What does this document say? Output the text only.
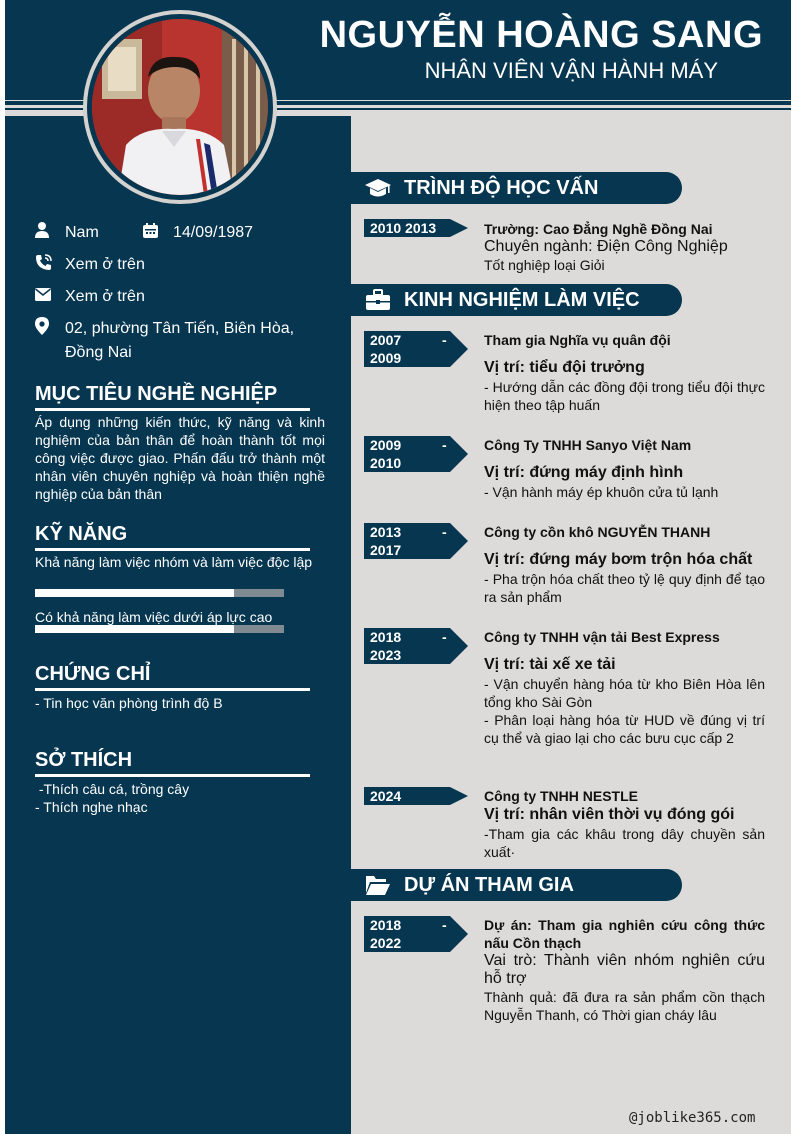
NGUYỄN HOÀNG SANG
NHÂN VIÊN VẬN HÀNH MÁY
Nam	14/09/1987
Xem ở trên
Xem ở trên
02, phường Tân Tiến, Biên Hòa, Đồng Nai
MỤC TIÊU NGHỀ NGHIỆP
Áp dụng những kiến thức, kỹ năng và kinh nghiệm của bản thân để hoàn thành tốt mọi công việc được giao. Phấn đấu trở thành một nhân viên chuyên nghiệp và hoàn thiện nghề nghiệp của bản thân
KỸ NĂNG
Khả năng làm việc nhóm và làm việc độc lập
Có khả năng làm việc dưới áp lực cao
CHỨNG CHỈ
- Tin học văn phòng trình độ B
SỞ THÍCH
-Thích câu cá, trồng cây
- Thích nghe nhạc
TRÌNH ĐỘ HỌC VẤN
2010 2013	Trường: Cao Đẳng Nghề Đồng Nai
Chuyên ngành: Điện Công Nghiệp
Tốt nghiệp loại Giỏi
KINH NGHIỆM LÀM VIỆC
2007	-
2009
Tham gia Nghĩa vụ quân đội
Vị trí: tiểu đội trưởng
- Hướng dẫn các đồng đội trong tiểu đội thực hiện theo tập huấn
2009	-
2010
Công Ty TNHH Sanyo Việt Nam
Vị trí: đứng máy định hình
- Vận hành máy ép khuôn cửa tủ lạnh
2013	-
2017
Công ty cồn khô NGUYỄN THANH
Vị trí: đứng máy bơm trộn hóa chất
- Pha trộn hóa chất theo tỷ lệ quy định để tạo ra sản phẩm
2018	-
2023
Công ty TNHH vận tải Best Express
Vị trí: tài xế xe tải
- Vận chuyển hàng hóa từ kho Biên Hòa lên tổng kho Sài Gòn
- Phân loại hàng hóa từ HUD về đúng vị trí cụ thể và giao lại cho các bưu cục cấp 2
2024	Công ty TNHH NESTLE
Vị trí: nhân viên thời vụ đóng gói
-Tham gia các khâu trong dây chuyền sản xuất·
DỰ ÁN THAM GIA
2018	-
2022
Dự án: Tham gia nghiên cứu công thức nấu Cồn thạch
Vai trò: Thành viên nhóm nghiên cứu hỗ trợ
Thành quả: đã đưa ra sản phẩm cồn thạch Nguyễn Thanh, có Thời gian cháy lâu
@joblike365.com
